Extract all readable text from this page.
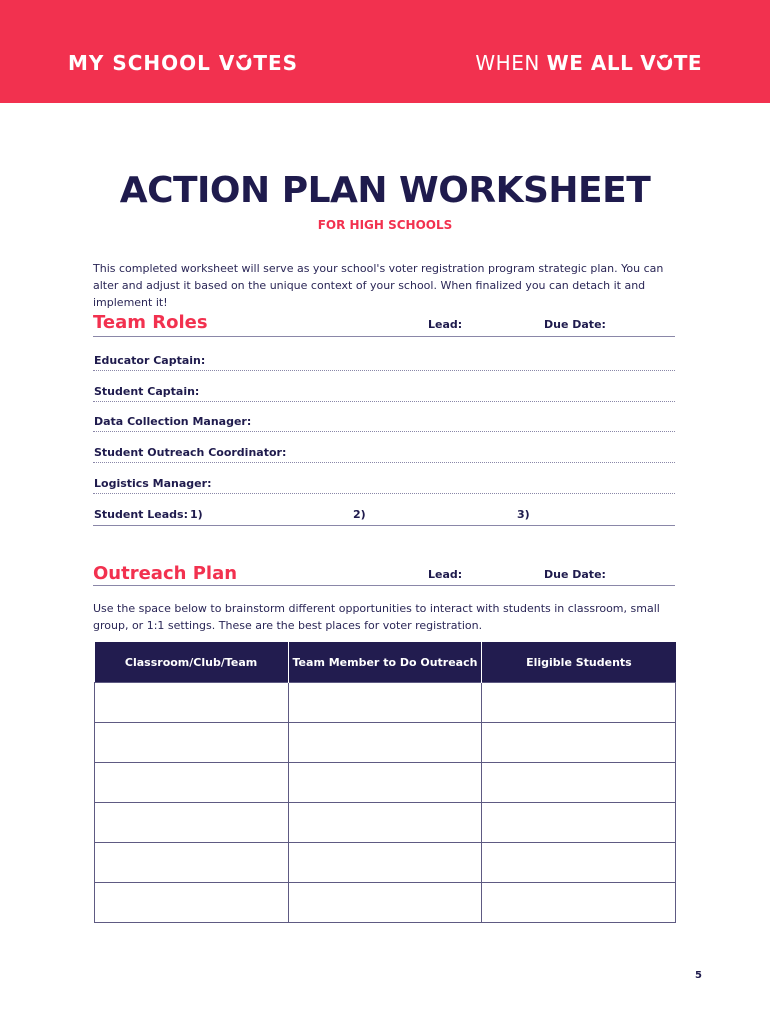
MY SCHOOL VO
TES	WHEN WE ALL VO
TE
ACTION PLAN WORKSHEET
FOR HIGH SCHOOLS
This completed worksheet will serve as your school's voter registration program strategic plan. You can alter and adjust it based on the unique context of your school. When finalized you can detach it and implement it!
Team Roles	Lead:	Due Date:
Educator Captain:
Student Captain:
Data Collection Manager:
Student Outreach Coordinator:
Logistics Manager:
Student Leads: 1)	2)	3)
Outreach Plan	Lead:	Due Date:
Use the space below to brainstorm different opportunities to interact with students in classroom, small group, or 1:1 settings. These are the best places for voter registration.
Classroom/Club/Team	Team Member to Do Outreach	Eligible Students

5
